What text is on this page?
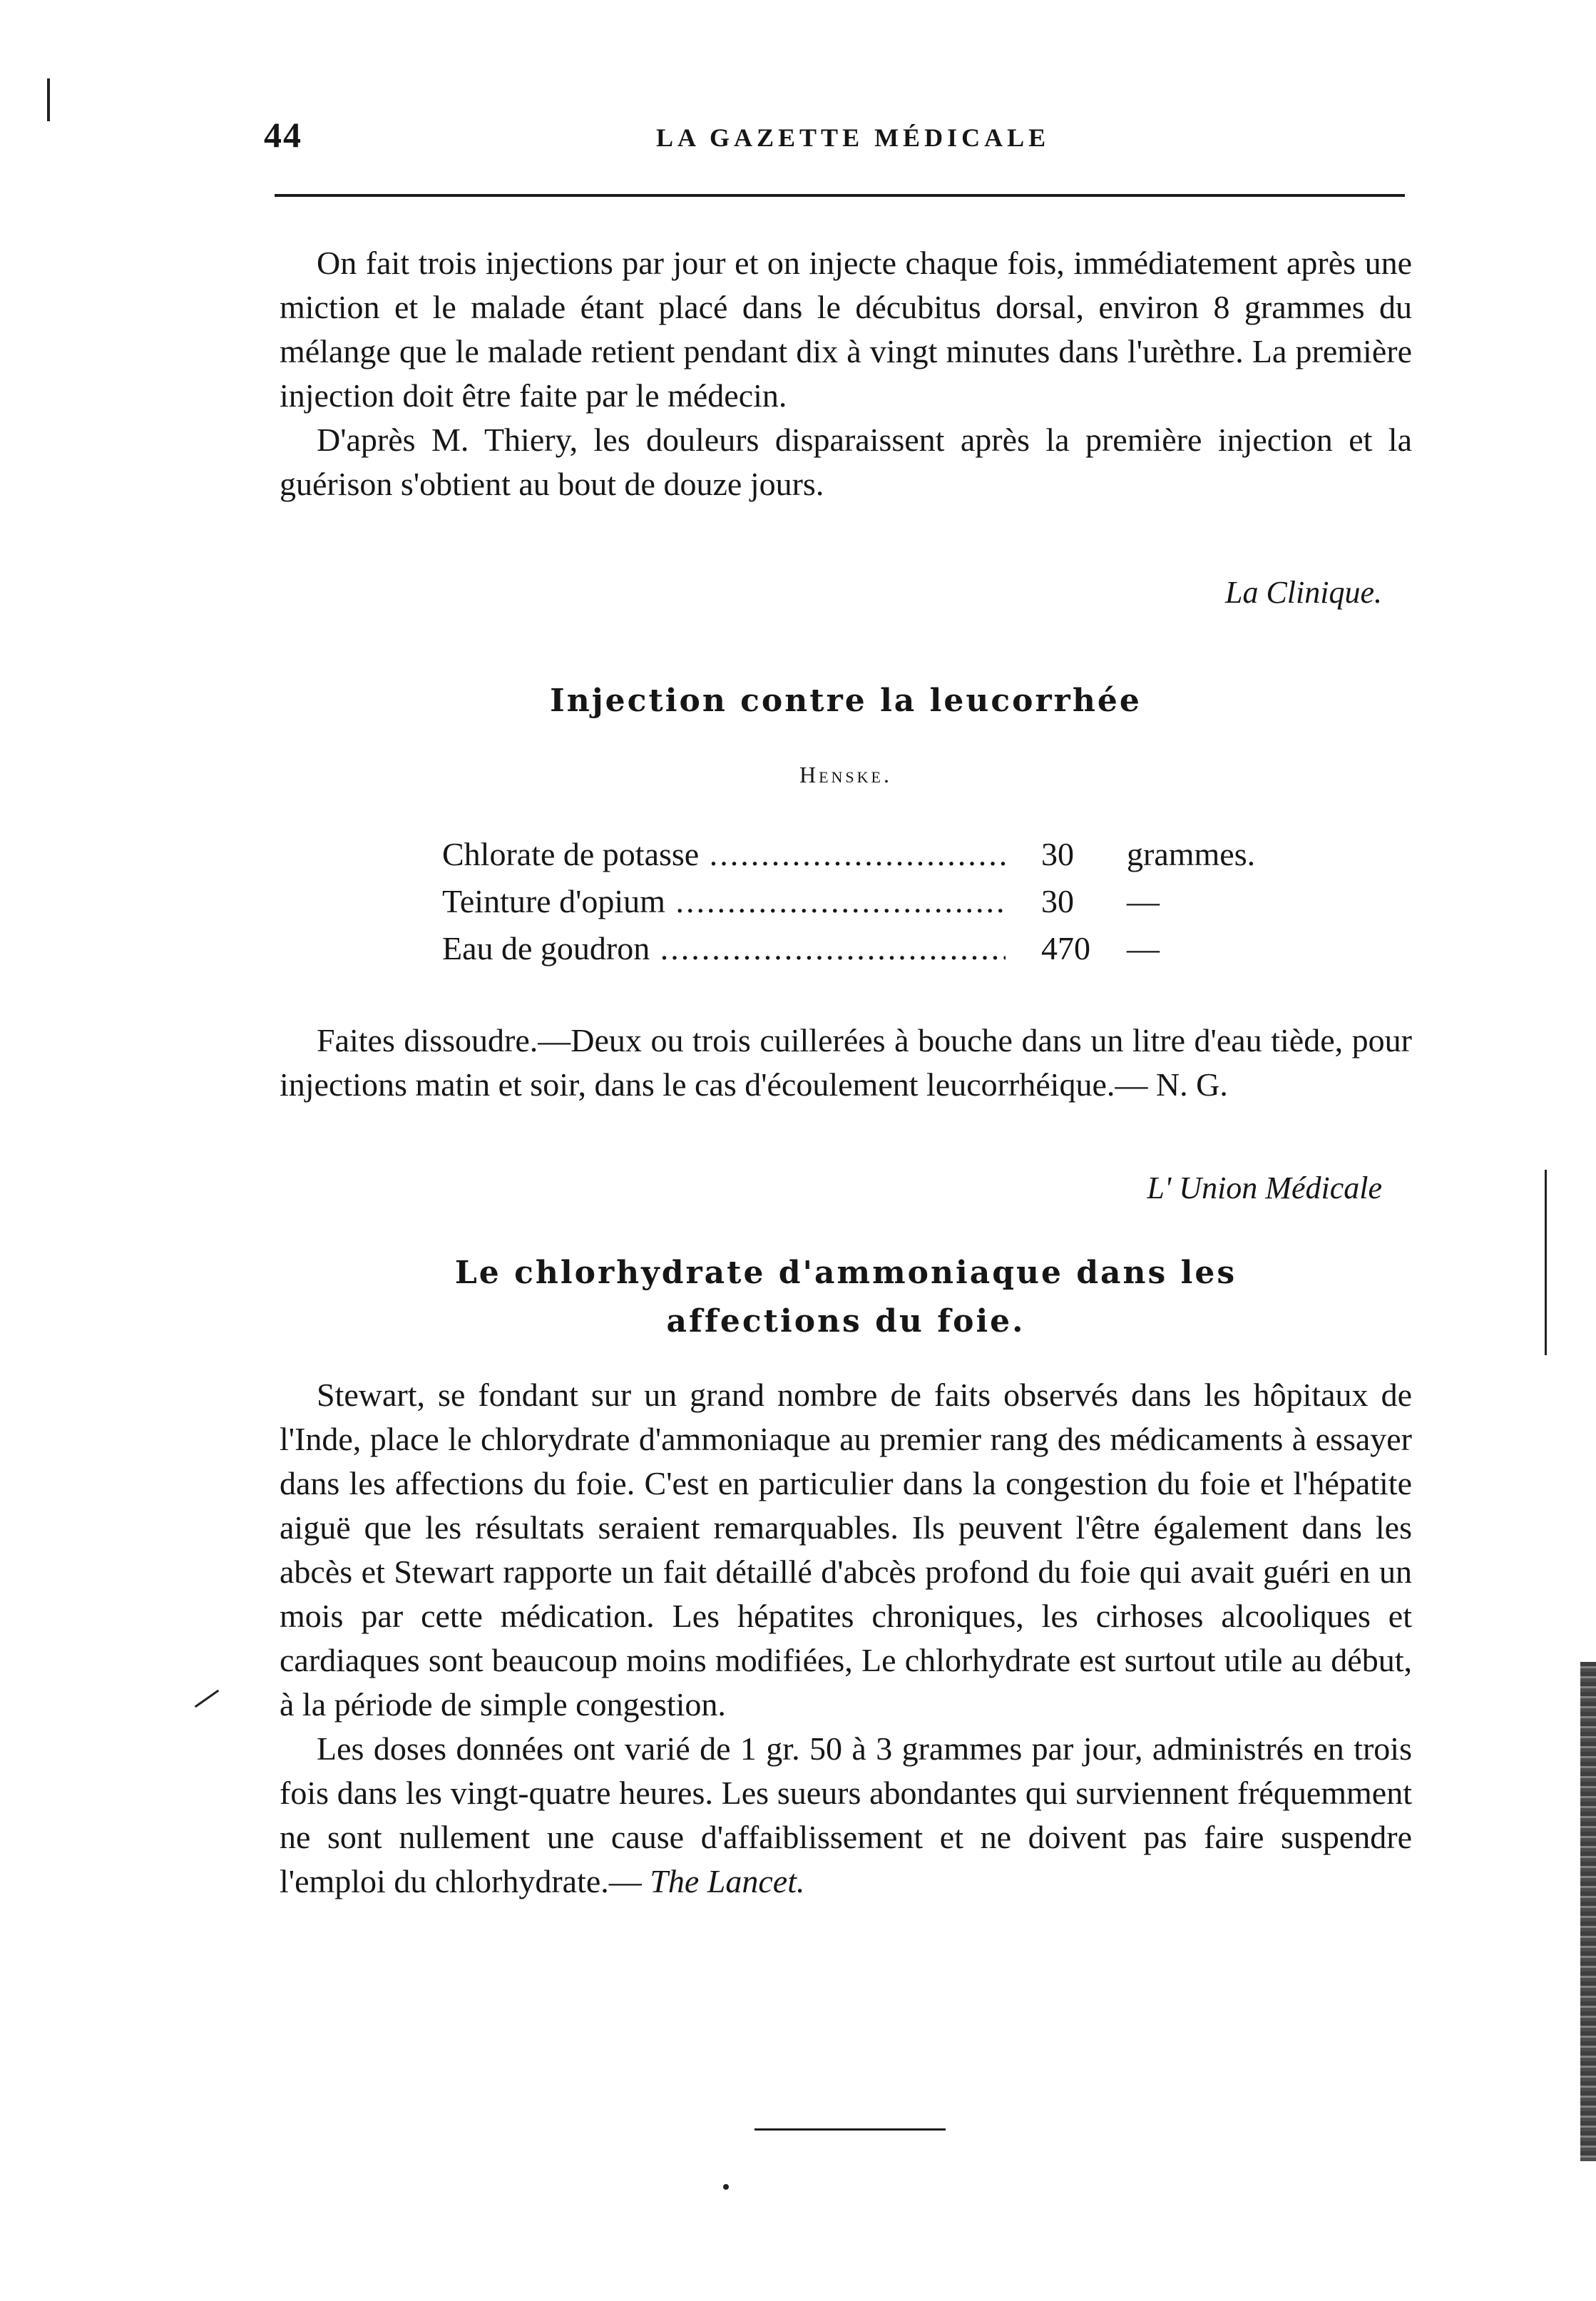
44	LA GAZETTE MÉDICALE

On fait trois injections par jour et on injecte chaque fois, immédiatement après une miction et le malade étant placé dans le décubitus dorsal, environ 8 grammes du mélange que le malade retient pendant dix à vingt minutes dans l'urèthre. La première injection doit être faite par le médecin.

D'après M. Thiery, les douleurs disparaissent après la première injection et la guérison s'obtient au bout de douze jours.

La Clinique.
Injection contre la leucorrhée
Henske.
Chlorate de potasse .....	30 grammes.
Teinture d'opium .....	30 —
Eau de goudron .....	470 —

Faites dissoudre.—Deux ou trois cuillerées à bouche dans un litre d'eau tiède, pour injections matin et soir, dans le cas d'écoulement leucorrhéique.— N. G.

L' Union Médicale
Le chlorhydrate d'ammoniaque dans les
affections du foie.

Stewart, se fondant sur un grand nombre de faits observés dans les hôpitaux de l'Inde, place le chlorydrate d'ammoniaque au premier rang des médicaments à essayer dans les affections du foie. C'est en particulier dans la congestion du foie et l'hépatite aiguë que les résultats seraient remarquables. Ils peuvent l'être également dans les abcès et Stewart rapporte un fait détaillé d'abcès profond du foie qui avait guéri en un mois par cette médication. Les hépatites chroniques, les cirhoses alcooliques et cardiaques sont beaucoup moins modifiées, Le chlorhydrate est surtout utile au début, à la période de simple congestion.

Les doses données ont varié de 1 gr. 50 à 3 grammes par jour, administrés en trois fois dans les vingt-quatre heures. Les sueurs abondantes qui surviennent fréquemment ne sont nullement une cause d'affaiblissement et ne doivent pas faire suspendre l'emploi du chlorhydrate.— The Lancet.
